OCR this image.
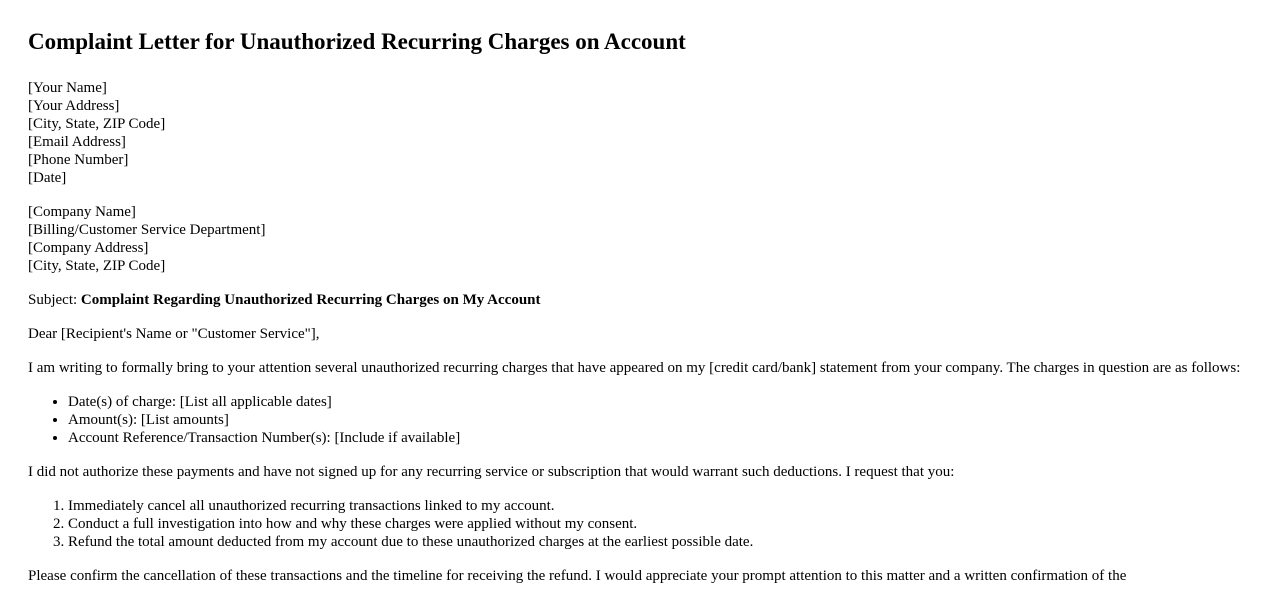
Complaint Letter for Unauthorized Recurring Charges on Account
[Your Name]
[Your Address]
[City, State, ZIP Code]
[Email Address]
[Phone Number]
[Date]
[Company Name]
[Billing/Customer Service Department]
[Company Address]
[City, State, ZIP Code]

Subject: Complaint Regarding Unauthorized Recurring Charges on My Account

Dear [Recipient's Name or "Customer Service"],

I am writing to formally bring to your attention several unauthorized recurring charges that have appeared on my [credit card/bank] statement from your company. The charges in question are as follows:

• Date(s) of charge: [List all applicable dates]
• Amount(s): [List amounts]
• Account Reference/Transaction Number(s): [Include if available]

I did not authorize these payments and have not signed up for any recurring service or subscription that would warrant such deductions. I request that you:

1. Immediately cancel all unauthorized recurring transactions linked to my account.
2. Conduct a full investigation into how and why these charges were applied without my consent.
3. Refund the total amount deducted from my account due to these unauthorized charges at the earliest possible date.

Please confirm the cancellation of these transactions and the timeline for receiving the refund. I would appreciate your prompt attention to this matter and a written confirmation of the
